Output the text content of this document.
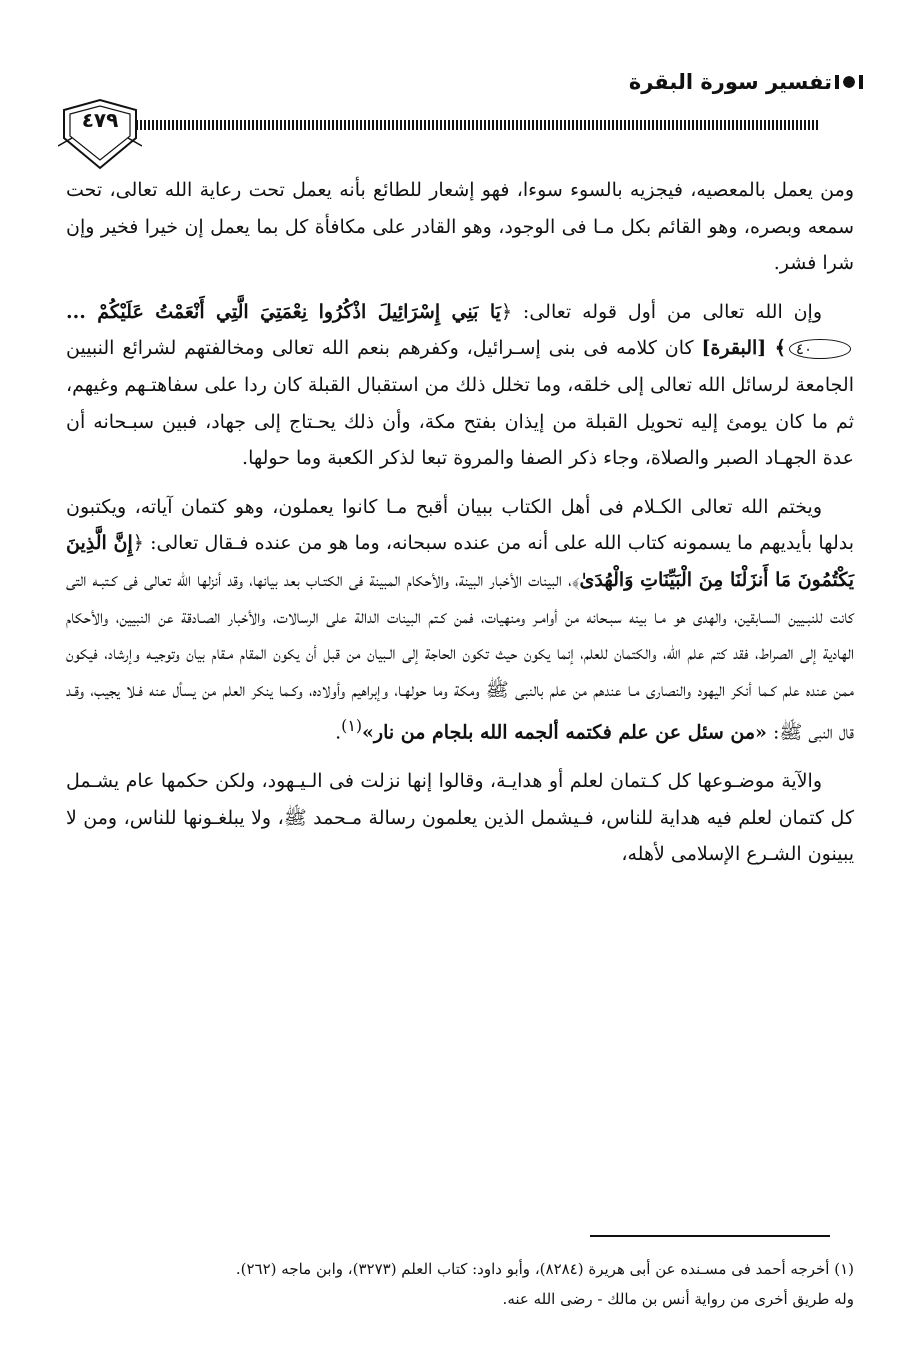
تفسير سورة البقرة
٤٧٩

ومن يعمل بالمعصيه، فيجزيه بالسوء سوءا، فهو إشعار للطائع بأنه يعمل تحت رعاية الله تعالى، تحت سمعه وبصره، وهو القائم بكل مـا فى الوجود، وهو القادر على مكافأة كل بما يعمل إن خيرا فخير وإن شرا فشر.

وإن الله تعالى من أول قوله تعالى: ﴿يَا بَنِي إِسْرَائِيلَ اذْكُرُوا نِعْمَتِيَ الَّتِي أَنْعَمْتُ عَلَيْكُمْ ... ٤٠﴾ [البقرة] كان كلامه فى بنى إسـرائيل، وكفرهم بنعم الله تعالى ومخالفتهم لشرائع النبيين الجامعة لرسائل الله تعالى إلى خلقه، وما تخلل ذلك من استقبال القبلة كان ردا على سفاهتـهم وغيهم، ثم ما كان يومئ إليه تحويل القبلة من إيذان بفتح مكة، وأن ذلك يحـتاج إلى جهاد، فبين سبـحانه أن عدة الجهـاد الصبر والصلاة، وجاء ذكر الصفا والمروة تبعا لذكر الكعبة وما حولها.

ويختم الله تعالى الكـلام فى أهل الكتاب ببيان أقبح مـا كانوا يعملون، وهو كتمان آياته، ويكتبون بدلها بأيديهم ما يسمونه كتاب الله على أنه من عنده سبحانه، وما هو من عنده فـقال تعالى: ﴿إِنَّ الَّذِينَ يَكْتُمُونَ مَا أَنزَلْنَا مِنَ الْبَيِّنَاتِ وَالْهُدَىٰ﴾، البينات الأخبار البينة، والأحكام المبينة فى الكتـاب بعد بيانها، وقد أنزلها الله تعالى فى كـتبـه التى كانت للنبـيين السـابقين، والهدى هو مـا بينه سبـحانه من أوامـر ومنهيات، فمن كـتم البينات الدالة على الرسالات، والأخبار الصـادقة عن النبيين، والأحكام الهادية إلى الصراط، فقد كتم علم الله، والكتمان للعلم، إنما يكون حيث تكون الحاجة إلى الـبيان من قبل أن يكون المقام مـقام بيان وتوجيـه وإرشاد، فيكون ممن عنده علم كـما أنكر اليهود والنصارى مـا عندهم من علم بالنبى ﷺ ومكة وما حولهـا، وإبراهيم وأولاده، وكـما ينكر العلم من يسأل عنه فـلا يجيب، وقـد قال النبى ﷺ: «من سئل عن علم فكتمه ألجمه الله بلجام من نار»$^{(١)}$.

والآية موضـوعها كل كـتمان لعلم أو هدايـة، وقالوا إنها نزلت فى الـيـهود، ولكن حكمها عام يشـمل كل كتمان لعلم فيه هداية للناس، فـيشمل الذين يعلمون رسالة مـحمد ﷺ، ولا يبلغـونها للناس، ومن لا يبينون الشـرع الإسلامى لأهله،

(١) أخرجه أحمد فى مسـنده عن أبى هريرة (٨٢٨٤)، وأبو داود: كتاب العلم (٣٢٧٣)، وابن ماجه (٢٦٢).

وله طريق أخرى من رواية أنس بن مالك - رضى الله عنه.
